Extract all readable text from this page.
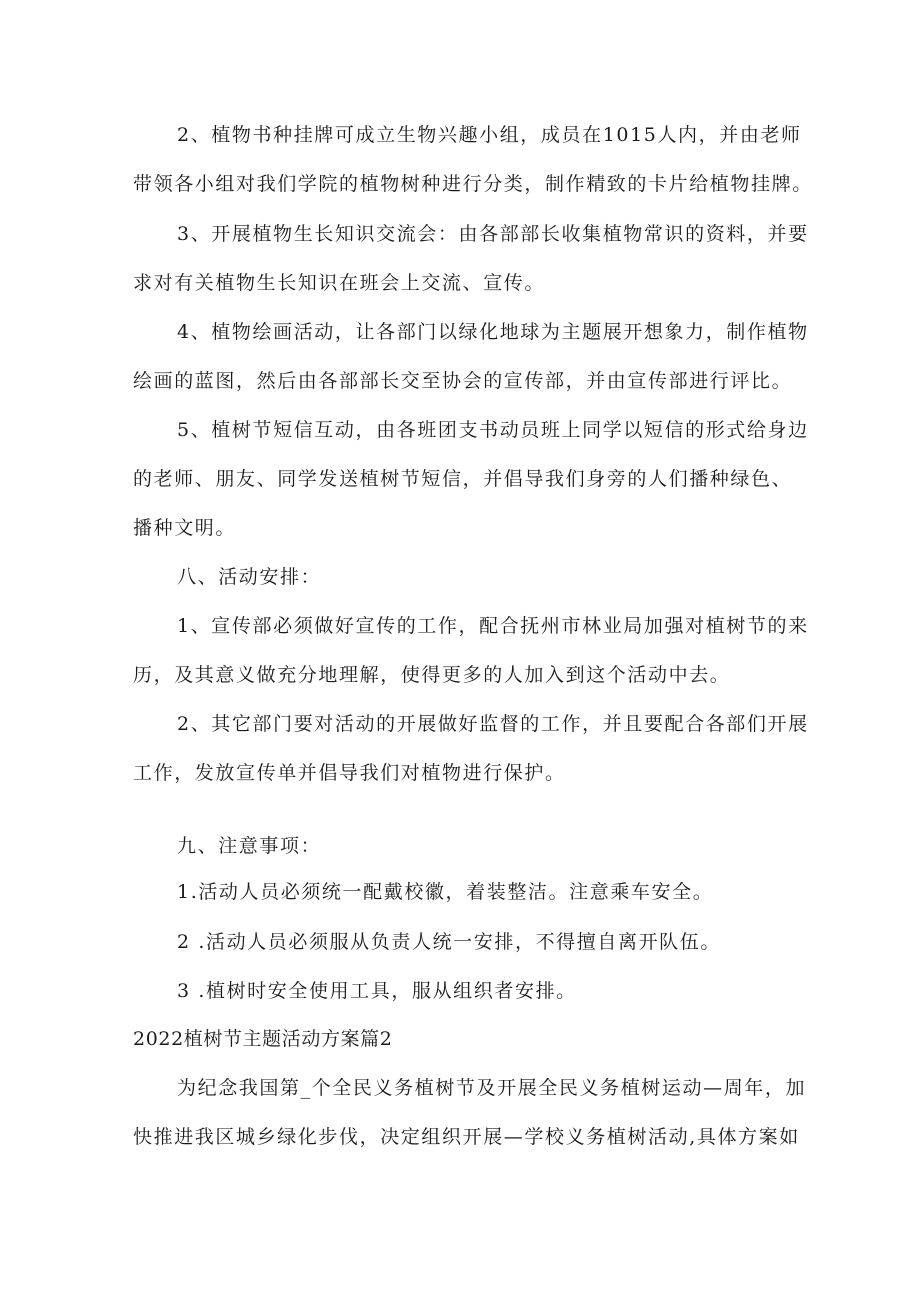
2、植物书种挂牌可成立生物兴趣小组，成员在1015人内，并由老师
带领各小组对我们学院的植物树种进行分类，制作精致的卡片给植物挂牌。
3、开展植物生长知识交流会：由各部部长收集植物常识的资料，并要
求对有关植物生长知识在班会上交流、宣传。
4、植物绘画活动，让各部门以绿化地球为主题展开想象力，制作植物
绘画的蓝图，然后由各部部长交至协会的宣传部，并由宣传部进行评比。
5、植树节短信互动，由各班团支书动员班上同学以短信的形式给身边
的老师、朋友、同学发送植树节短信，并倡导我们身旁的人们播种绿色、
播种文明。
八、活动安排：
1、宣传部必须做好宣传的工作，配合抚州市林业局加强对植树节的来
历，及其意义做充分地理解，使得更多的人加入到这个活动中去。
2、其它部门要对活动的开展做好监督的工作，并且要配合各部们开展
工作，发放宣传单并倡导我们对植物进行保护。
九、注意事项：
1.活动人员必须统一配戴校徽，着装整洁。注意乘车安全。
2 .活动人员必须服从负责人统一安排，不得擅自离开队伍。
3 .植树时安全使用工具，服从组织者安排。
2022植树节主题活动方案篇2
为纪念我国第_个全民义务植树节及开展全民义务植树运动—周年，加
快推进我区城乡绿化步伐，决定组织开展—学校义务植树活动,具体方案如
